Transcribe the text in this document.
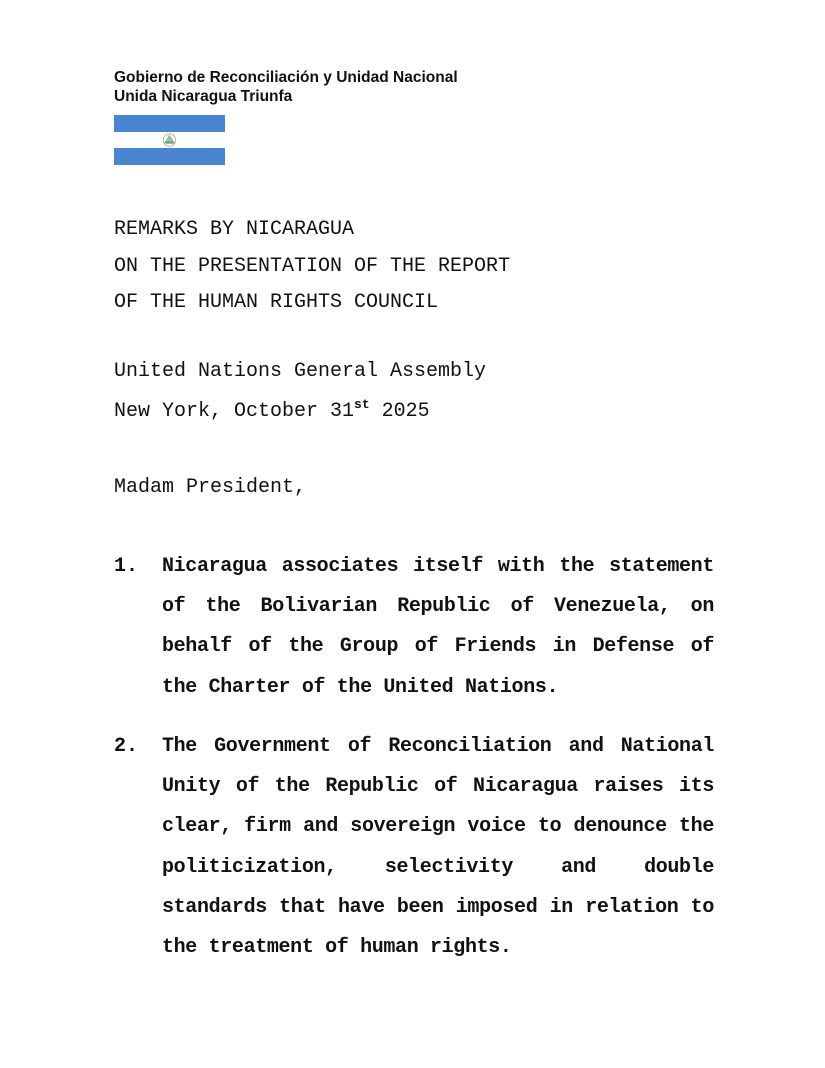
Gobierno de Reconciliación y Unidad Nacional
Unida Nicaragua Triunfa
REMARKS BY NICARAGUA
ON THE PRESENTATION OF THE REPORT
OF THE HUMAN RIGHTS COUNCIL
United Nations General Assembly
New York, October 31st 2025
Madam President,
1.	Nicaragua associates itself with the statement of the Bolivarian Republic of Venezuela, on behalf of the Group of Friends in Defense of the Charter of the United Nations.
2.	The Government of Reconciliation and National Unity of the Republic of Nicaragua raises its clear, firm and sovereign voice to denounce the politicization, selectivity and double standards that have been imposed in relation to the treatment of human rights.
